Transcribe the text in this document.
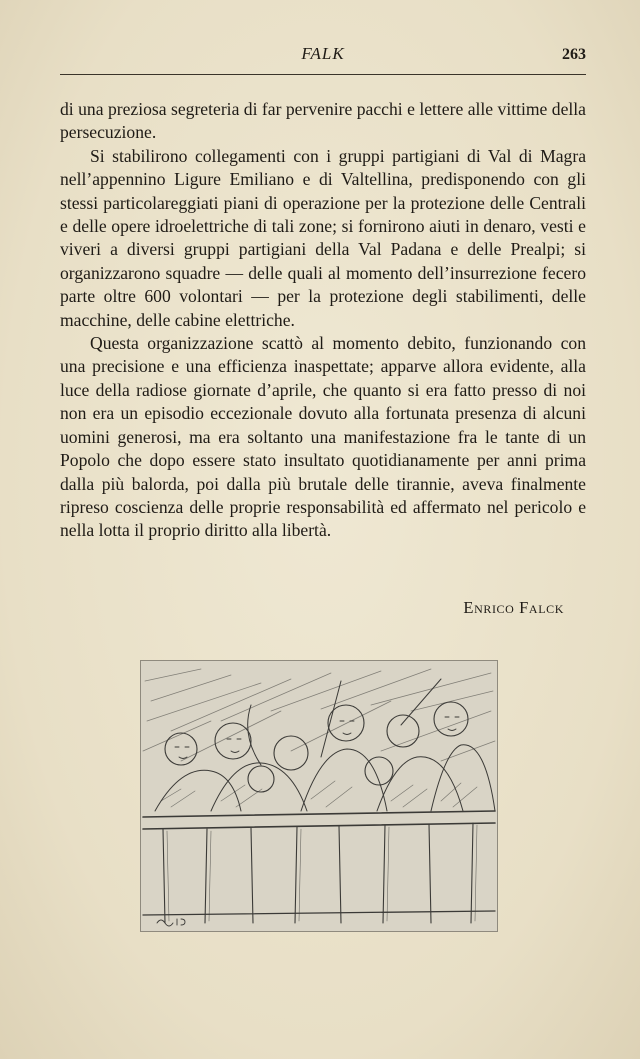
FALK	263

di una preziosa segreteria di far pervenire pacchi e lettere alle vittime della persecuzione.

Si stabilirono collegamenti con i gruppi partigiani di Val di Magra nell’appennino Ligure Emiliano e di Valtellina, predisponendo con gli stessi particolareggiati piani di operazione per la protezione delle Centrali e delle opere idroelettriche di tali zone; si fornirono aiuti in denaro, vesti e viveri a diversi gruppi partigiani della Val Padana e delle Prealpi; si organizzarono squadre — delle quali al momento dell’insurrezione fecero parte oltre 600 volontari — per la protezione degli stabilimenti, delle macchine, delle cabine elettriche.

Questa organizzazione scattò al momento debito, funzionando con una precisione e una efficienza inaspettate; apparve allora evidente, alla luce della radiose giornate d’aprile, che quanto si era fatto presso di noi non era un episodio eccezionale dovuto alla fortunata presenza di alcuni uomini generosi, ma era soltanto una manifestazione fra le tante di un Popolo che dopo essere stato insultato quotidianamente per anni prima dalla più balorda, poi dalla più brutale delle tirannie, aveva finalmente ripreso coscienza delle proprie responsabilità ed affermato nel pericolo e nella lotta il proprio diritto alla libertà.

Enrico Falck
